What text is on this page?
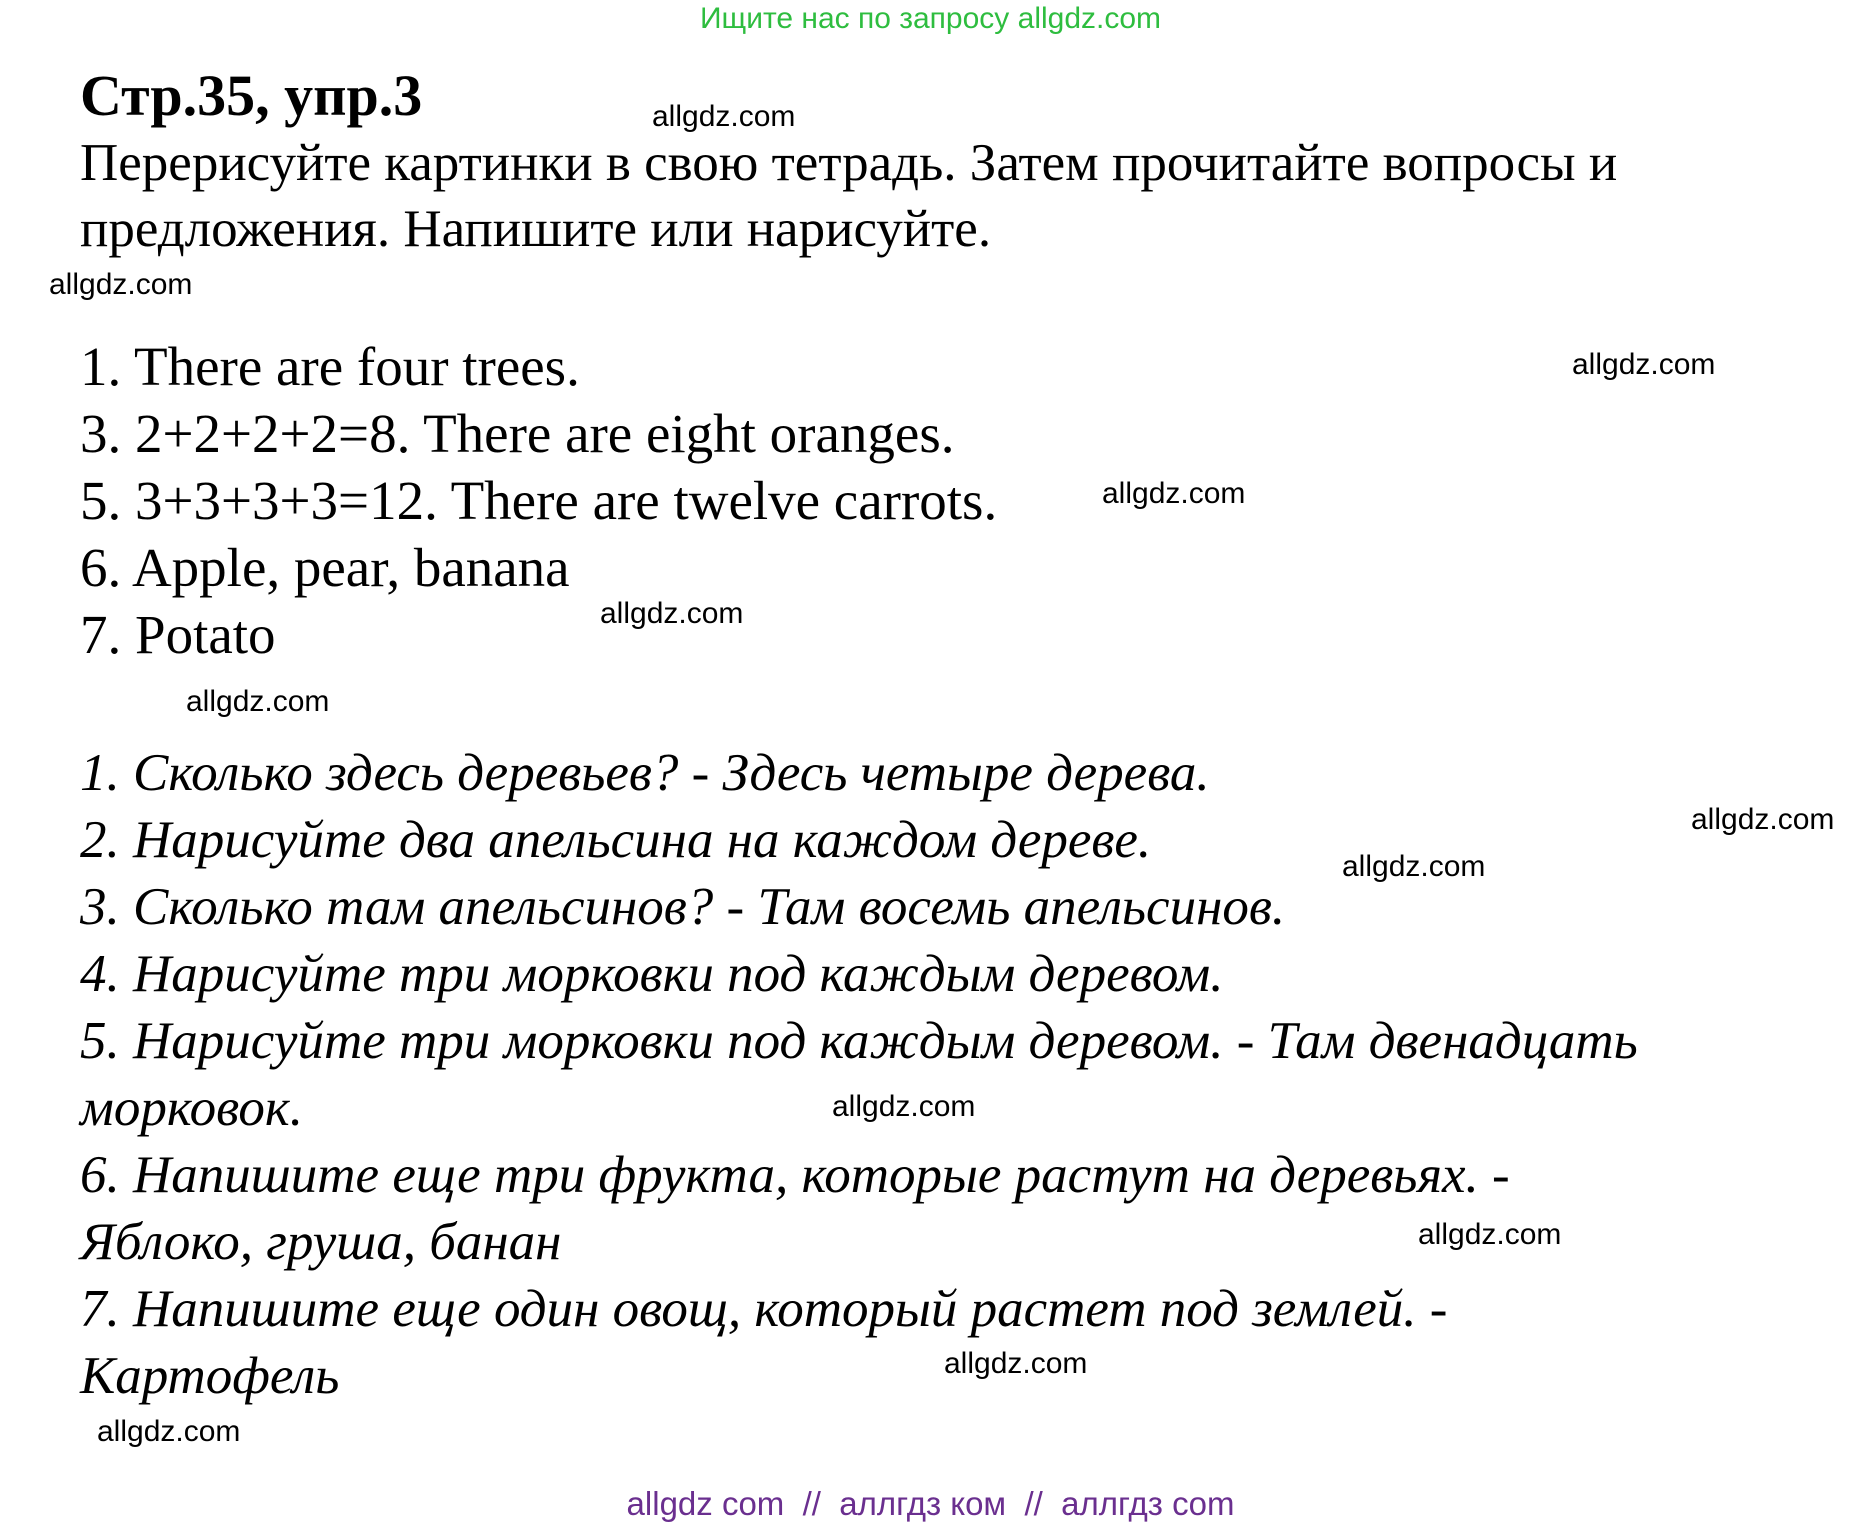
Ищите нас по запросу allgdz.com
Стр.35, упр.3
Перерисуйте картинки в свою тетрадь. Затем прочитайте вопросы и
предложения. Напишите или нарисуйте.
1. There are four trees.
3. 2+2+2+2=8. There are eight oranges.
5. 3+3+3+3=12. There are twelve carrots.
6. Apple, pear, banana
7. Potato
1. Сколько здесь деревьев? - Здесь четыре дерева.
2. Нарисуйте два апельсина на каждом дереве.
3. Сколько там апельсинов? - Там восемь апельсинов.
4. Нарисуйте три морковки под каждым деревом.
5. Нарисуйте три морковки под каждым деревом. - Там двенадцать
морковок.
6. Напишите еще три фрукта, которые растут на деревьях. -
Яблоко, груша, банан
7. Напишите еще один овощ, который растет под землей. -
Картофель
allgdz.com
allgdz.com
allgdz.com
allgdz.com
allgdz.com
allgdz.com
allgdz.com
allgdz.com
allgdz.com
allgdz.com
allgdz.com
allgdz.com
allgdz com  //  аллгдз ком  //  аллгдз com
